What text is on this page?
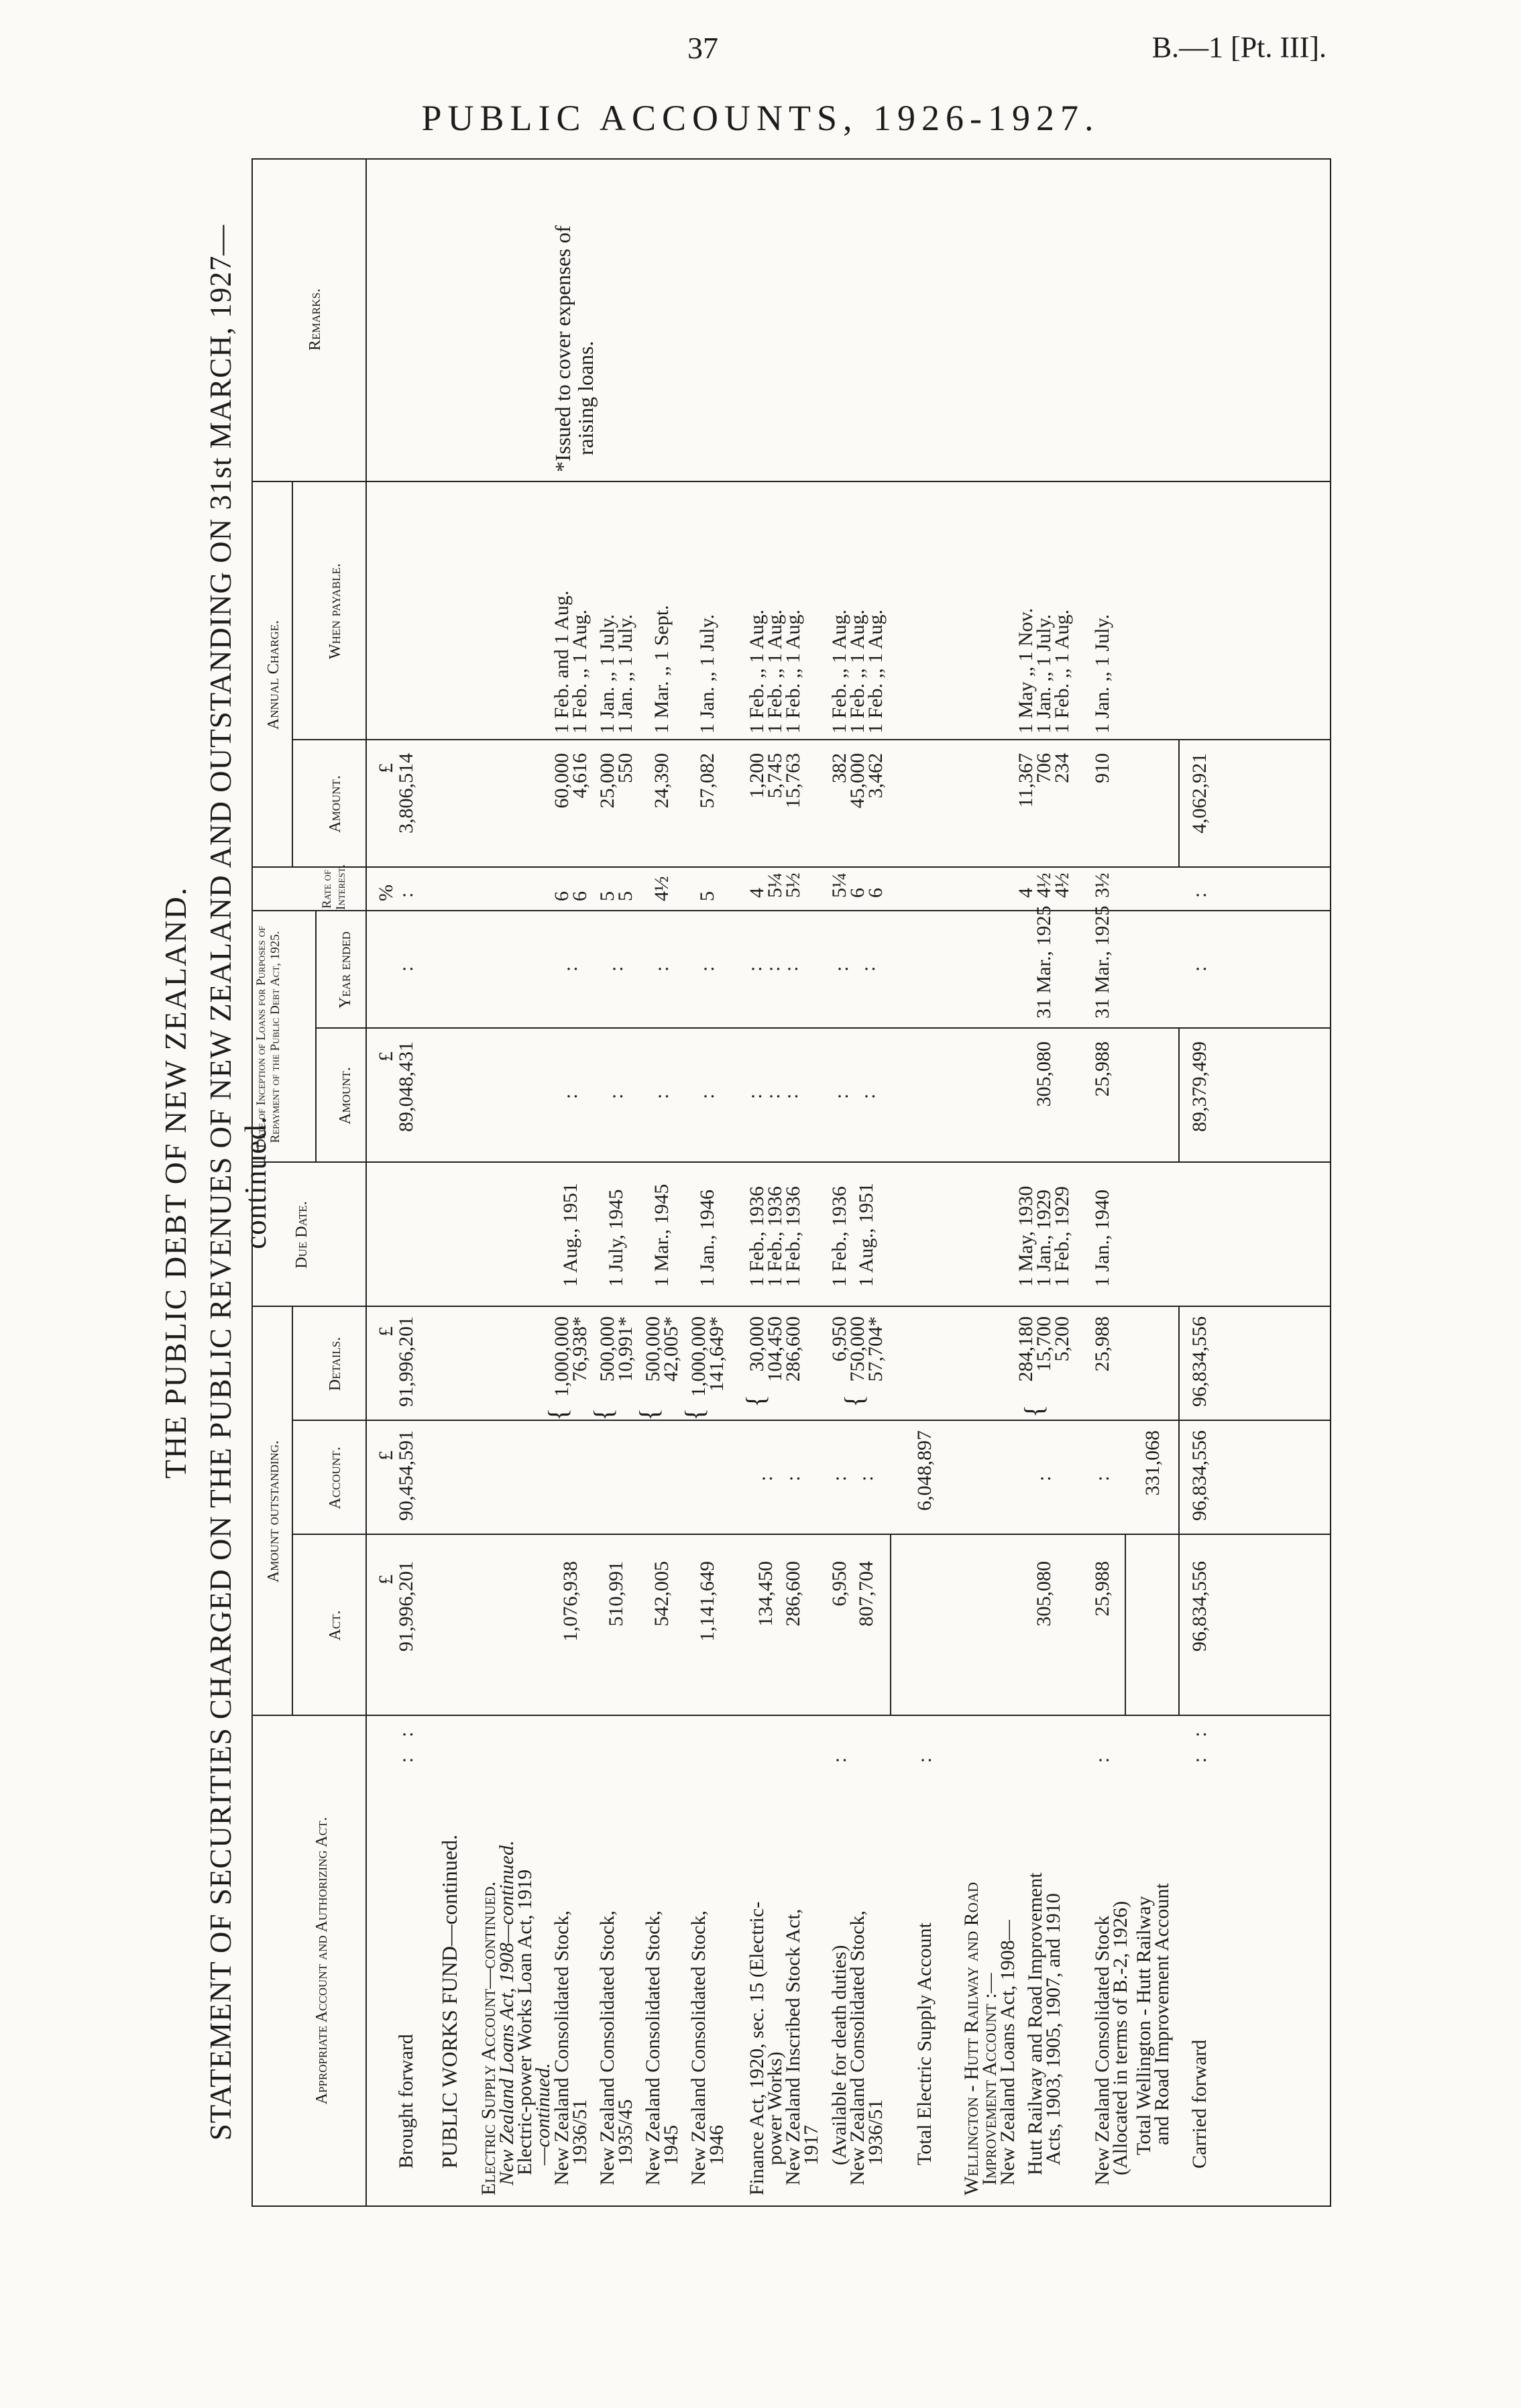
37	B.—1 [Pt. III].
PUBLIC ACCOUNTS, 1926-1927.
THE PUBLIC DEBT OF NEW ZEALAND. STATEMENT OF SECURITIES CHARGED ON THE PUBLIC REVENUES OF NEW ZEALAND AND OUTSTANDING ON 31st MARCH, 1927—continued.
Appropriate Account and Authorizing Act.
Amount outstanding.
Act.
Account.
Details.
Due Date.
Date of Inception of Loans for Purposes of Repayment of the Public Debt Act, 1925.	Amount.
Year ended
Rate of Interest.
Annual Charge.
Amount.
When payable.
Remarks.
£
£
£
£
%
£
Brought forward
:    :
91,996,201
90,454,591
91,996,201
89,048,431
:
:
3,806,514
PUBLIC WORKS FUND—continued. Electric Supply Account—continued.
New Zealand Loans Act, 1908—continued.
Electric-power Works Loan Act, 1919
—continued.
New Zealand Consolidated Stock,
1936/51
1,076,938
1,000,000
76,938*
1 Aug., 1951
:
:
6
6
60,000
4,616
1 Feb. and 1 Aug.
1 Feb. ,, 1 Aug.
New Zealand Consolidated Stock,
1935/45
510,991
500,000
10,991*
1 July, 1945
:
:
5
5
25,000
550
1 Jan. ,, 1 July.
1 Jan. ,, 1 July.
New Zealand Consolidated Stock,
1945
542,005
500,000
42,005*
1 Mar., 1945
:
:
4½
24,390
1 Mar. ,, 1 Sept.
New Zealand Consolidated Stock,
1946
1,141,649
1,000,000
141,649*
1 Jan., 1946
:
:
5
57,082
1 Jan. ,, 1 July.
{ { { {
Finance Act, 1920, sec. 15 (Electric-
power Works)
New Zealand Inscribed Stock Act,
1917
134,450 286,600
: :
30,000
104,450
286,600
1 Feb., 1936
1 Feb., 1936
1 Feb., 1936
:
:
:
:
:
:
4
5¼
5½
1,200
5,745
15,763
1 Feb. ,, 1 Aug.
1 Feb. ,, 1 Aug.
1 Feb. ,, 1 Aug.
{
(Available for death duties)
New Zealand Consolidated Stock,
1936/51
:
6,950 807,704
: :
6,950
750,000
57,704*
1 Feb., 1936 1 Aug., 1951
: :
: :
5¼
6
6
382
45,000
3,462
1 Feb. ,, 1 Aug.
1 Feb. ,, 1 Aug.
1 Feb. ,, 1 Aug.
{
Total Electric Supply Account
:
6,048,897
Wellington - Hutt Railway and Road
Improvement Account :—
New Zealand Loans Act, 1908— Hutt Railway and Road Improvement
Acts, 1903, 1905, 1907, and 1910
305,080
:
{
284,180
15,700
5,200
1 May, 1930
1 Jan., 1929
1 Feb., 1929
305,080
31 Mar., 1925
4
4½
4½
11,367
706
234
1 May ,, 1 Nov.
1 Jan. ,, 1 July.
1 Feb. ,, 1 Aug.
New Zealand Consolidated Stock
(Allocated in terms of B.-2, 1926)
:
25,988
:
25,988
1 Jan., 1940
25,988
31 Mar., 1925
3½
910
1 Jan. ,, 1 July.
Total Wellington - Hutt Railway
and Road Improvement Account
331,068
Carried forward
:    :
96,834,556
96,834,556
96,834,556
89,379,499
:
:
4,062,921
*Issued to cover expenses of
raising loans.
